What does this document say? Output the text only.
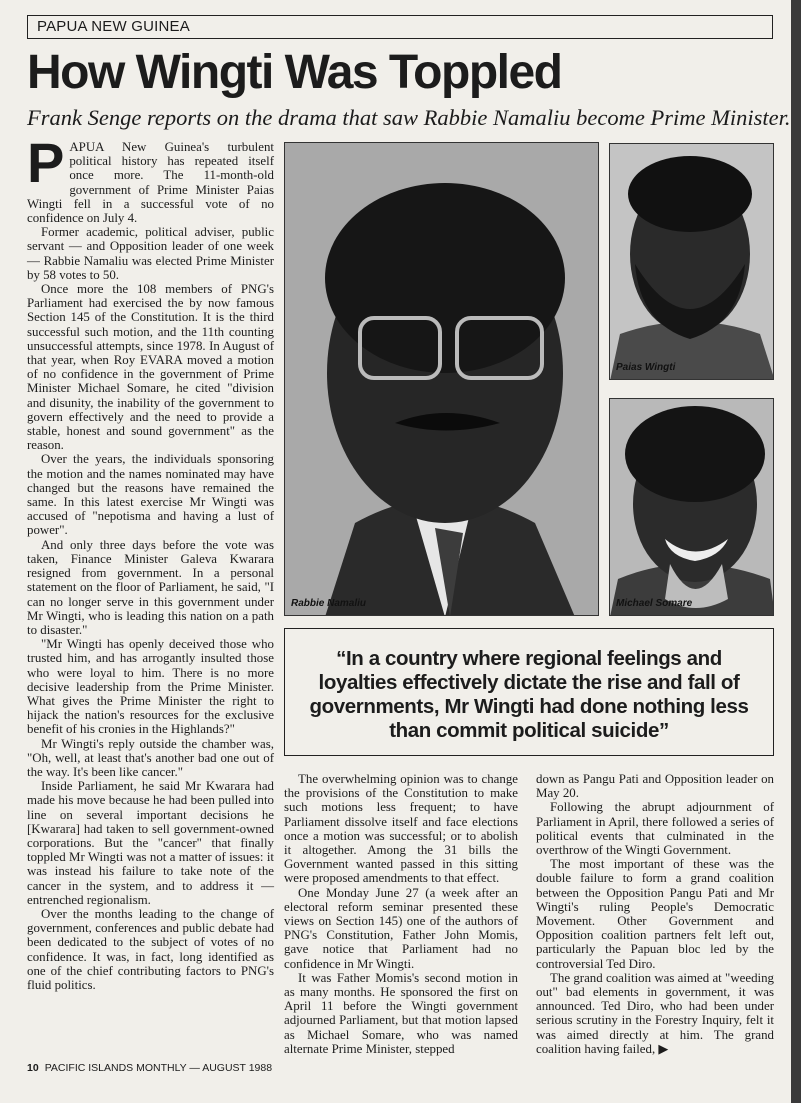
PAPUA NEW GUINEA
How Wingti Was Toppled
Frank Senge reports on the drama that saw Rabbie Namaliu become Prime Minister.

PAPUA New Guinea's turbulent political history has repeated itself once more. The 11-month-old government of Prime Minister Paias Wingti fell in a successful vote of no confidence on July 4.

Former academic, political adviser, public servant — and Opposition leader of one week — Rabbie Namaliu was elected Prime Minister by 58 votes to 50.

Once more the 108 members of PNG's Parliament had exercised the by now famous Section 145 of the Constitution. It is the third successful such motion, and the 11th counting unsuccessful attempts, since 1978. In August of that year, when Roy EVARA moved a motion of no confidence in the government of Prime Minister Michael Somare, he cited "division and disunity, the inability of the government to govern effectively and the need to provide a stable, honest and sound government" as the reason.

Over the years, the individuals sponsoring the motion and the names nominated may have changed but the reasons have remained the same. In this latest exercise Mr Wingti was accused of "nepotisma and having a lust of power".

And only three days before the vote was taken, Finance Minister Galeva Kwarara resigned from government. In a personal statement on the floor of Parliament, he said, "I can no longer serve in this government under Mr Wingti, who is leading this nation on a path to disaster."

"Mr Wingti has openly deceived those who trusted him, and has arrogantly insulted those who were loyal to him. There is no more decisive leadership from the Prime Minister. What gives the Prime Minister the right to hijack the nation's resources for the exclusive benefit of his cronies in the Highlands?"

Mr Wingti's reply outside the chamber was, "Oh, well, at least that's another bad one out of the way. It's been like cancer."

Inside Parliament, he said Mr Kwarara had made his move because he had been pulled into line on several important decisions he [Kwarara] had taken to sell government-owned corporations. But the "cancer" that finally toppled Mr Wingti was not a matter of issues: it was instead his failure to take note of the cancer in the system, and to address it — entrenched regionalism.

Over the months leading to the change of government, conferences and public debate had been dedicated to the subject of votes of no confidence. It was, in fact, long identified as one of the chief contributing factors to PNG's fluid politics.

Rabbie Namaliu
Paias Wingti
Michael Somare
“In a country where regional feelings and loyalties effectively dictate the rise and fall of governments, Mr Wingti had done nothing less than commit political suicide”

The overwhelming opinion was to change the provisions of the Constitution to make such motions less frequent; to have Parliament dissolve itself and face elections once a motion was successful; or to abolish it altogether. Among the 31 bills the Government wanted passed in this sitting were proposed amendments to that effect.

One Monday June 27 (a week after an electoral reform seminar presented these views on Section 145) one of the authors of PNG's Constitution, Father John Momis, gave notice that Parliament had no confidence in Mr Wingti.

It was Father Momis's second motion in as many months. He sponsored the first on April 11 before the Wingti government adjourned Parliament, but that motion lapsed as Michael Somare, who was named alternate Prime Minister, stepped

down as Pangu Pati and Opposition leader on May 20.

Following the abrupt adjournment of Parliament in April, there followed a series of political events that culminated in the overthrow of the Wingti Government.

The most important of these was the double failure to form a grand coalition between the Opposition Pangu Pati and Mr Wingti's ruling People's Democratic Movement. Other Government and Opposition coalition partners felt left out, particularly the Papuan bloc led by the controversial Ted Diro.

The grand coalition was aimed at "weeding out" bad elements in government, it was announced. Ted Diro, who had been under serious scrutiny in the Forestry Inquiry, felt it was aimed directly at him. The grand coalition having failed, ▶

10 PACIFIC ISLANDS MONTHLY — AUGUST 1988
